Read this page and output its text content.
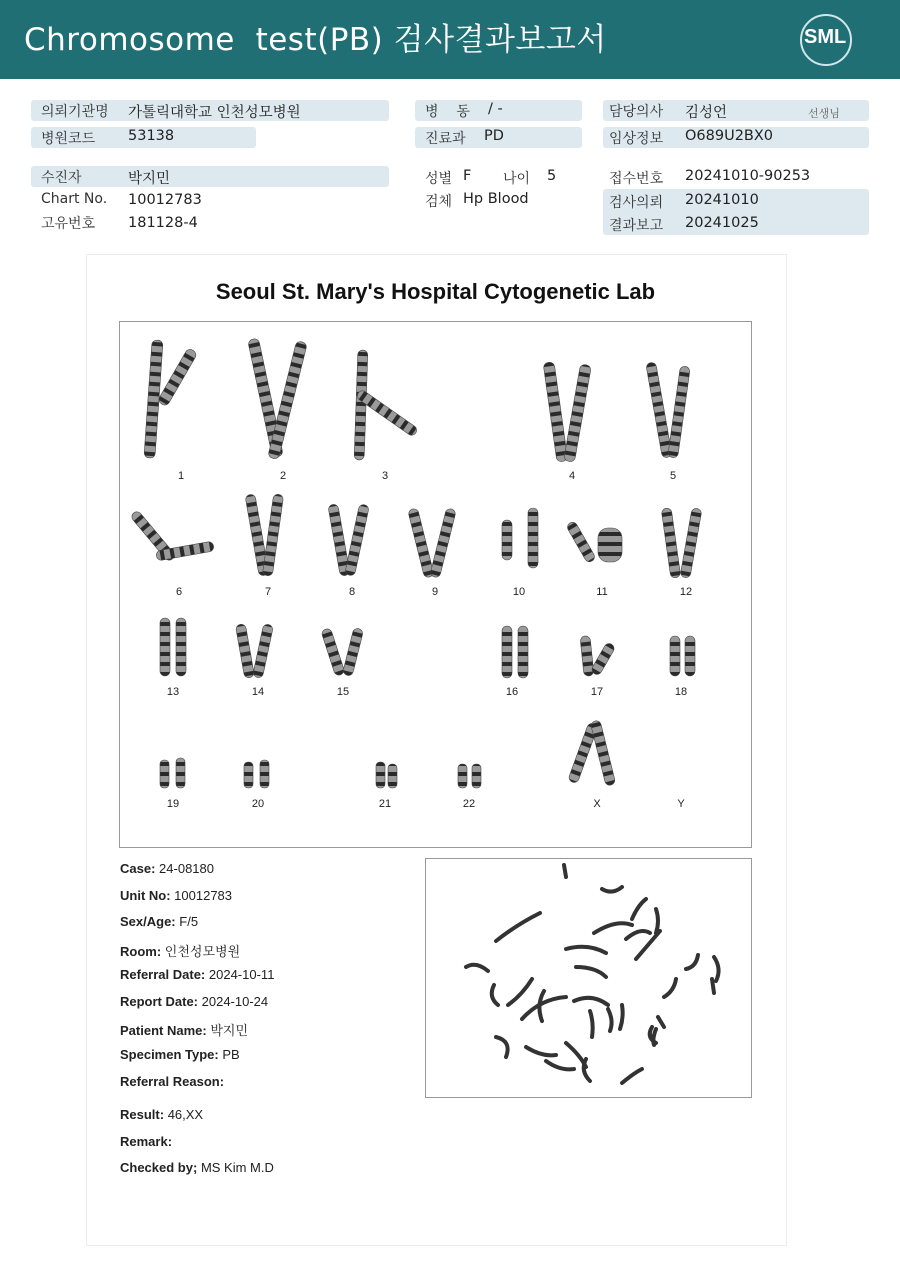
Chromosome  test(PB) 검사결과보고서	SML
의뢰기관명 가톨릭대학교 인천성모병원
병원코드 53138
병    동 / -
진료과 PD
담당의사 김성언	선생님
임상정보 O689U2BX0
수진자	박지민
Chart No. 10012783
고유번호 181128-4
성별 F 나이 5
검체 Hp Blood
접수번호 20241010-90253
검사의뢰 20241010
결과보고 20241025
Seoul St. Mary's Hospital Cytogenetic Lab
1	2	3	4	5
6	7	8	9	10	11	12
13	14	15	16	17	18
19	20	21	22	X	Y
Case: 24-08180
Unit No: 10012783
Sex/Age: F/5
Room: 인천성모병원
Referral Date: 2024-10-11
Report Date: 2024-10-24
Patient Name: 박지민
Specimen Type: PB
Referral Reason:
Result: 46,XX
Remark:
Checked by; MS Kim M.D
